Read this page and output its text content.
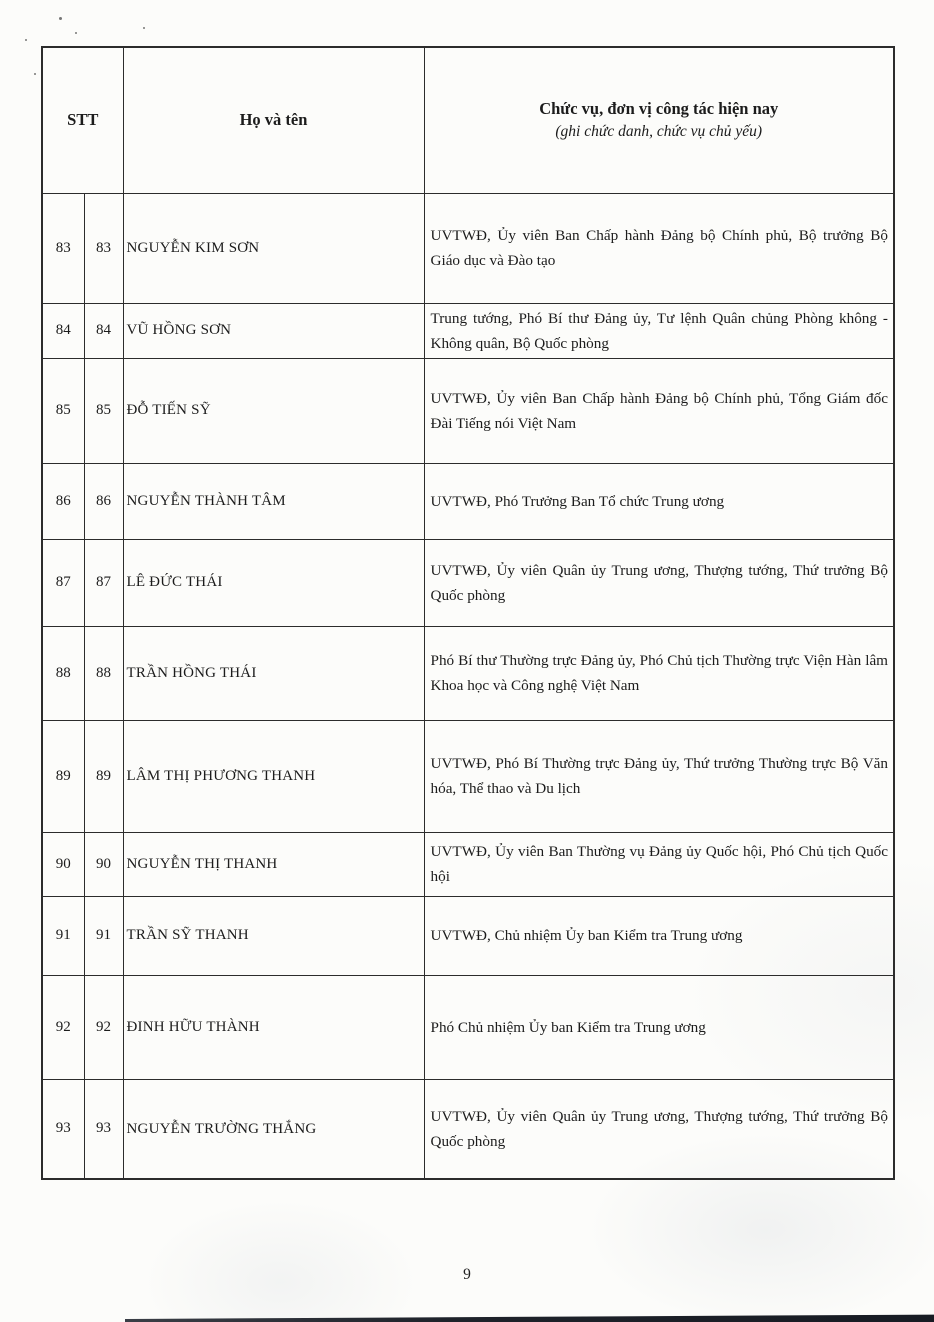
STT		Họ và tên	Chức vụ, đơn vị công tác hiện nay
(ghi chức danh, chức vụ chủ yếu)

83	83	NGUYỄN KIM SƠN	UVTWĐ, Ủy viên Ban Chấp hành Đảng bộ Chính phủ, Bộ trưởng Bộ Giáo dục và Đào tạo
84	84	VŨ HỒNG SƠN	Trung tướng, Phó Bí thư Đảng ủy, Tư lệnh Quân chủng Phòng không - Không quân, Bộ Quốc phòng
85	85	ĐỖ TIẾN SỸ	UVTWĐ, Ủy viên Ban Chấp hành Đảng bộ Chính phủ, Tổng Giám đốc Đài Tiếng nói Việt Nam
86	86	NGUYỄN THÀNH TÂM	UVTWĐ, Phó Trưởng Ban Tổ chức Trung ương
87	87	LÊ ĐỨC THÁI	UVTWĐ, Ủy viên Quân ủy Trung ương, Thượng tướng, Thứ trưởng Bộ Quốc phòng
88	88	TRẦN HỒNG THÁI	Phó Bí thư Thường trực Đảng ủy, Phó Chủ tịch Thường trực Viện Hàn lâm Khoa học và Công nghệ Việt Nam
89	89	LÂM THỊ PHƯƠNG THANH	UVTWĐ, Phó Bí Thường trực Đảng ủy, Thứ trưởng Thường trực Bộ Văn hóa, Thể thao và Du lịch
90	90	NGUYỄN THỊ THANH	UVTWĐ, Ủy viên Ban Thường vụ Đảng ủy Quốc hội, Phó Chủ tịch Quốc hội
91	91	TRẦN SỸ THANH	UVTWĐ, Chủ nhiệm Ủy ban Kiểm tra Trung ương
92	92	ĐINH HỮU THÀNH	Phó Chủ nhiệm Ủy ban Kiểm tra Trung ương
93	93	NGUYỄN TRƯỜNG THẮNG	UVTWĐ, Ủy viên Quân ủy Trung ương, Thượng tướng, Thứ trưởng Bộ Quốc phòng
9
